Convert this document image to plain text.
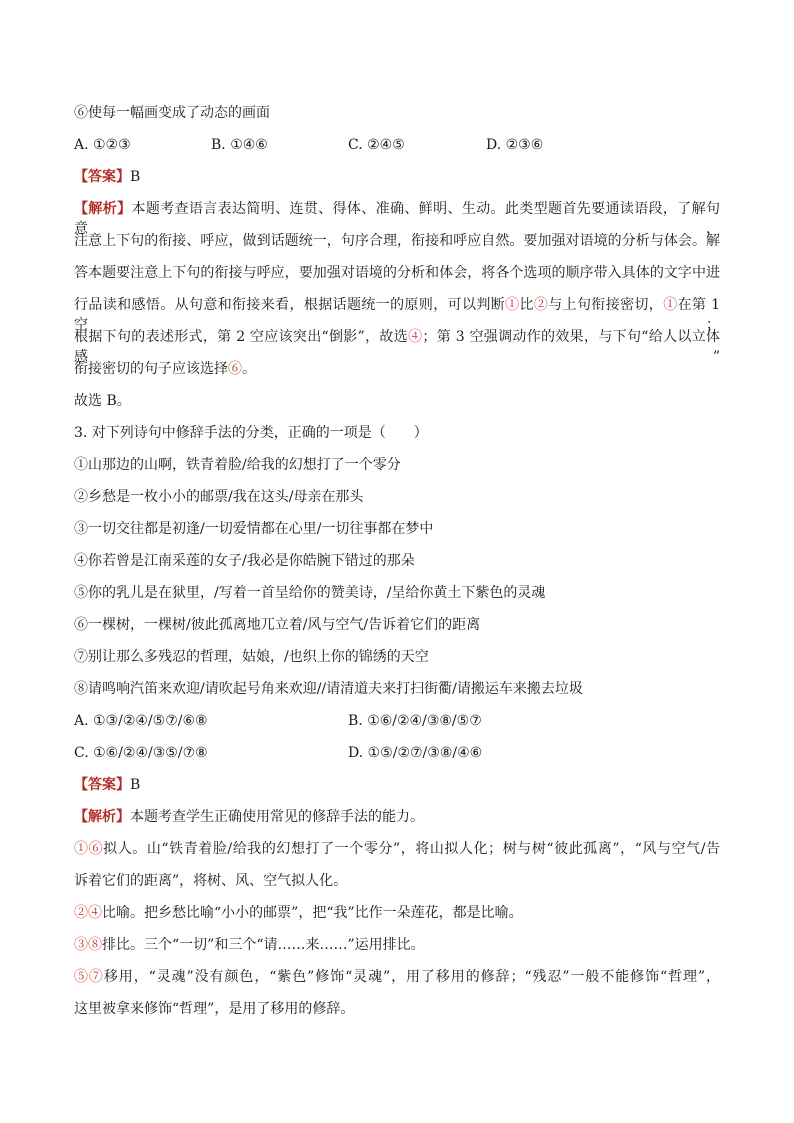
⑥使每一幅画变成了动态的画面
A. ①②③	B. ①④⑥	C. ②④⑤	D. ②③⑥
【答案】B
【解析】本题考查语言表达简明、连贯、得体、准确、鲜明、生动。此类型题首先要通读语段，了解句意，
注意上下句的衔接、呼应，做到话题统一，句序合理，衔接和呼应自然。要加强对语境的分析与体会。解
答本题要注意上下句的衔接与呼应，要加强对语境的分析和体会，将各个选项的顺序带入具体的文字中进
行品读和感悟。从句意和衔接来看，根据话题统一的原则，可以判断①比②与上句衔接密切，①在第 1 空；
根据下句的表述形式，第 2 空应该突出“倒影”，故选④；第 3 空强调动作的效果，与下句“给人以立体感”
衔接密切的句子应该选择⑥。
故选 B。
3. 对下列诗句中修辞手法的分类，正确的一项是（　　）
①山那边的山啊，铁青着脸/给我的幻想打了一个零分
②乡愁是一枚小小的邮票/我在这头/母亲在那头
③一切交往都是初逢/一切爱情都在心里/一切往事都在梦中
④你若曾是江南采莲的女子/我必是你皓腕下错过的那朵
⑤你的乳儿是在狱里，/写着一首呈给你的赞美诗，/呈给你黄土下紫色的灵魂
⑥一棵树，一棵树/彼此孤离地兀立着/风与空气/告诉着它们的距离
⑦别让那么多残忍的哲理，姑娘，/也织上你的锦绣的天空
⑧请鸣响汽笛来欢迎/请吹起号角来欢迎//请清道夫来打扫街衢/请搬运车来搬去垃圾
A. ①③/②④/⑤⑦/⑥⑧	B. ①⑥/②④/③⑧/⑤⑦
C. ①⑥/②④/③⑤/⑦⑧	D. ①⑤/②⑦/③⑧/④⑥
【答案】B
【解析】本题考查学生正确使用常见的修辞手法的能力。
①⑥拟人。山“铁青着脸/给我的幻想打了一个零分”，将山拟人化；树与树“彼此孤离”，“风与空气/告
诉着它们的距离”，将树、风、空气拟人化。
②④比喻。把乡愁比喻“小小的邮票”，把“我”比作一朵莲花，都是比喻。
③⑧排比。三个“一切”和三个“请……来……”运用排比。
⑤⑦移用，“灵魂”没有颜色，“紫色”修饰“灵魂”，用了移用的修辞；“残忍”一般不能修饰“哲理”，
这里被拿来修饰“哲理”，是用了移用的修辞。
